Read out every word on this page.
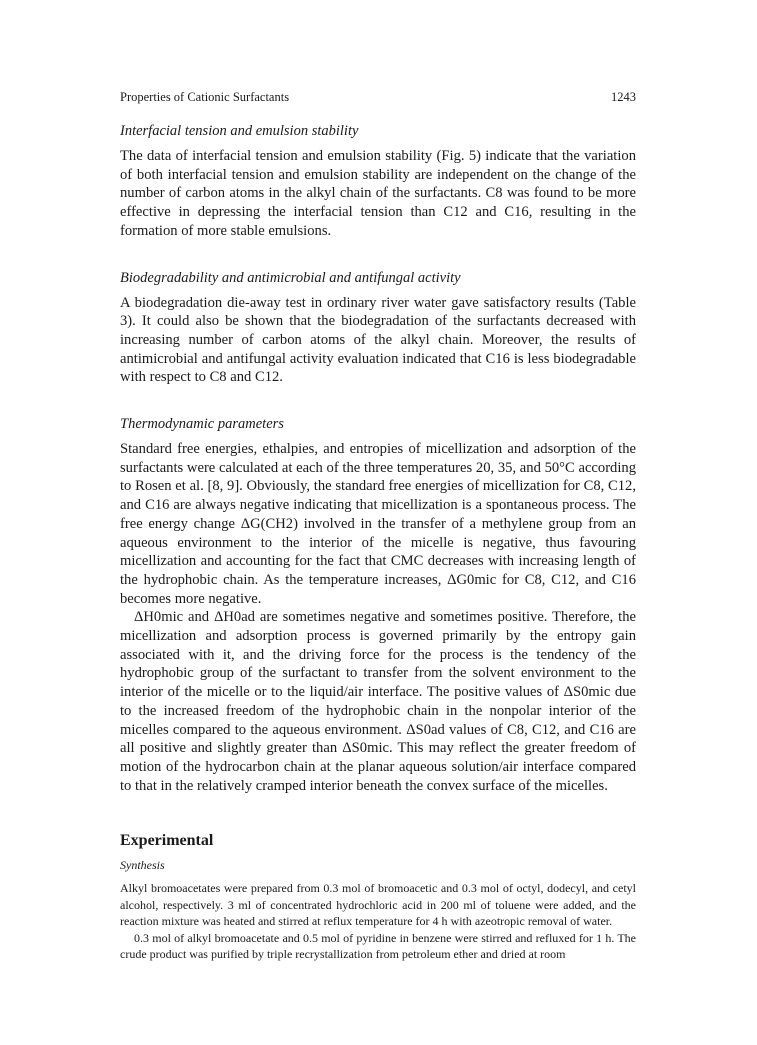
Properties of Cationic Surfactants	1243

Interfacial tension and emulsion stability

The data of interfacial tension and emulsion stability (Fig. 5) indicate that the variation of both interfacial tension and emulsion stability are independent on the change of the number of carbon atoms in the alkyl chain of the surfactants. C8 was found to be more effective in depressing the interfacial tension than C12 and C16, resulting in the formation of more stable emulsions.

Biodegradability and antimicrobial and antifungal activity

A biodegradation die-away test in ordinary river water gave satisfactory results (Table 3). It could also be shown that the biodegradation of the surfactants decreased with increasing number of carbon atoms of the alkyl chain. Moreover, the results of antimicrobial and antifungal activity evaluation indicated that C16 is less biodegradable with respect to C8 and C12.

Thermodynamic parameters

Standard free energies, ethalpies, and entropies of micellization and adsorption of the surfactants were calculated at each of the three temperatures 20, 35, and 50°C according to Rosen et al. [8, 9]. Obviously, the standard free energies of micellization for C8, C12, and C16 are always negative indicating that micellization is a spontaneous process. The free energy change ΔG(CH2) involved in the transfer of a methylene group from an aqueous environment to the interior of the micelle is negative, thus favouring micellization and accounting for the fact that CMC decreases with increasing length of the hydrophobic chain. As the temperature increases, ΔG0mic for C8, C12, and C16 becomes more negative.

ΔH0mic and ΔH0ad are sometimes negative and sometimes positive. Therefore, the micellization and adsorption process is governed primarily by the entropy gain associated with it, and the driving force for the process is the tendency of the hydrophobic group of the surfactant to transfer from the solvent environment to the interior of the micelle or to the liquid/air interface. The positive values of ΔS0mic due to the increased freedom of the hydrophobic chain in the nonpolar interior of the micelles compared to the aqueous environment. ΔS0ad values of C8, C12, and C16 are all positive and slightly greater than ΔS0mic. This may reflect the greater freedom of motion of the hydrocarbon chain at the planar aqueous solution/air interface compared to that in the relatively cramped interior beneath the convex surface of the micelles.

Experimental

Synthesis

Alkyl bromoacetates were prepared from 0.3 mol of bromoacetic and 0.3 mol of octyl, dodecyl, and cetyl alcohol, respectively. 3 ml of concentrated hydrochloric acid in 200 ml of toluene were added, and the reaction mixture was heated and stirred at reflux temperature for 4 h with azeotropic removal of water.

0.3 mol of alkyl bromoacetate and 0.5 mol of pyridine in benzene were stirred and refluxed for 1 h. The crude product was purified by triple recrystallization from petroleum ether and dried at room
